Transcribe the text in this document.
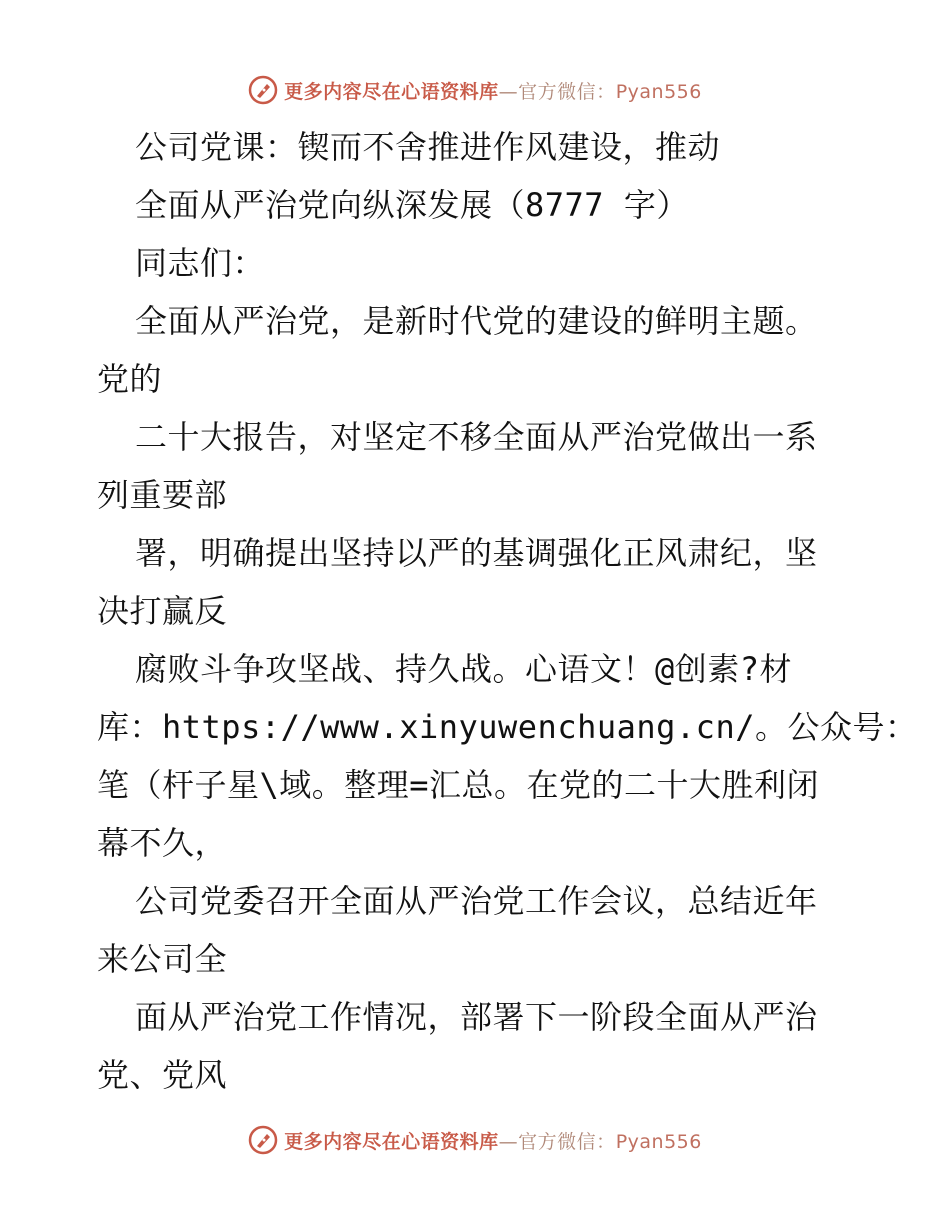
更多内容尽在心语资料库—官方微信：Pyan556
公司党课：锲而不舍推进作风建设，推动
全面从严治党向纵深发展（8777 字）
同志们：
全面从严治党，是新时代党的建设的鲜明主题。
党的
二十大报告，对坚定不移全面从严治党做出一系
列重要部
署，明确提出坚持以严的基调强化正风肃纪，坚
决打赢反
腐败斗争攻坚战、持久战。心语文！@创素?材
库：https://www.xinyuwenchuang.cn/。公众号：
笔（杆子星\域。整理=汇总。在党的二十大胜利闭
幕不久，
公司党委召开全面从严治党工作会议，总结近年
来公司全
面从严治党工作情况，部署下一阶段全面从严治
党、党风
更多内容尽在心语资料库—官方微信：Pyan556
